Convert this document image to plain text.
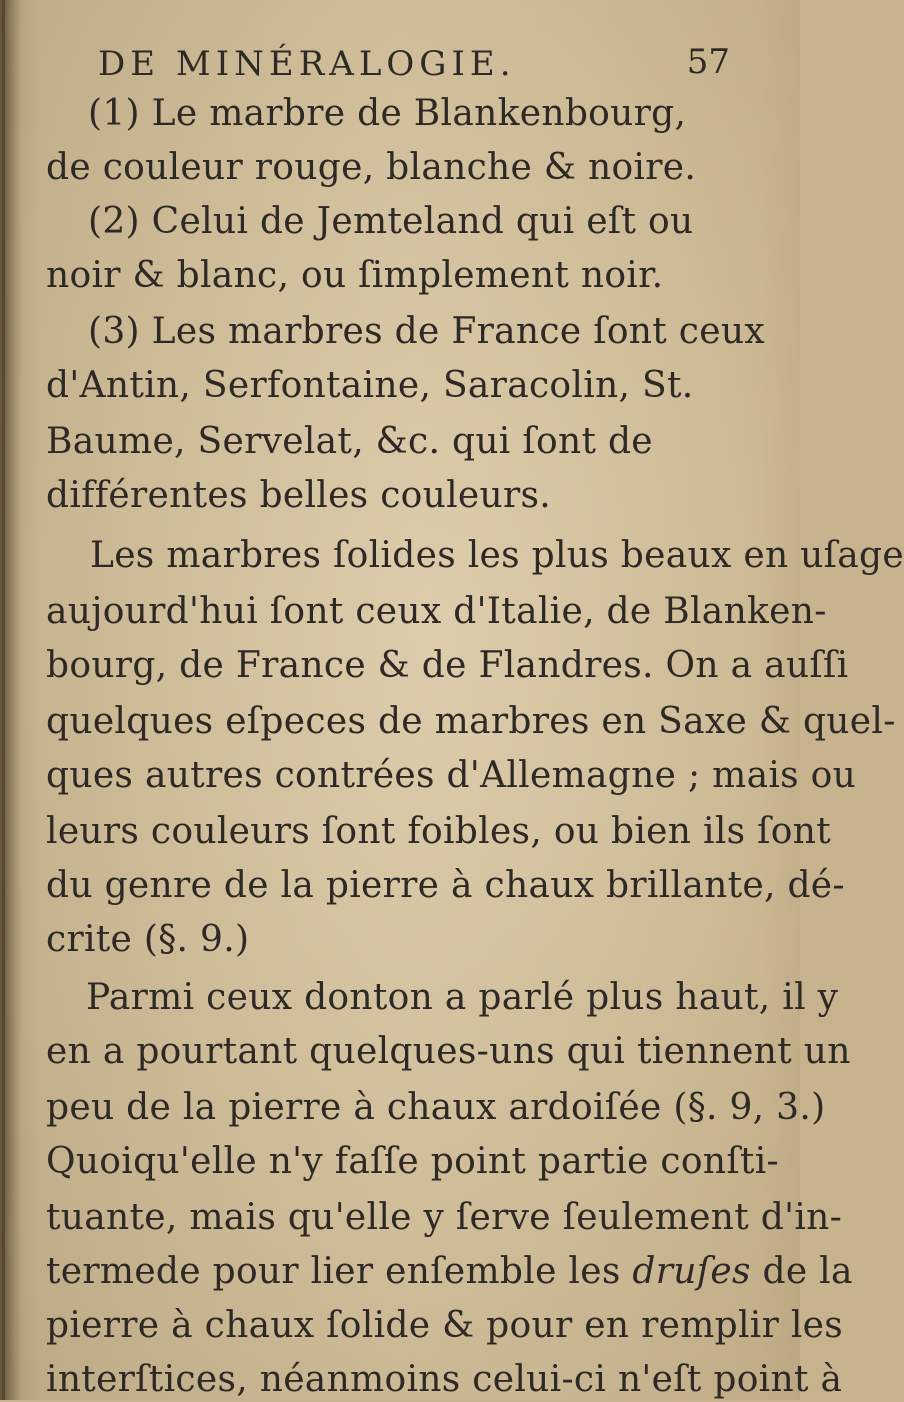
DE MINÉRALOGIE.	57
(1) Le marbre de Blankenbourg,
de couleur rouge, blanche & noire.
(2) Celui de Jemteland qui eſt ou
noir & blanc, ou ſimplement noir.
(3) Les marbres de France ſont ceux
d'Antin, Serfontaine, Saracolin, St.
Baume, Servelat, &c. qui ſont de
différentes belles couleurs.
Les marbres ſolides les plus beaux en uſage
aujourd'hui ſont ceux d'Italie, de Blanken-
bourg, de France & de Flandres. On a auſſi
quelques eſpeces de marbres en Saxe & quel-
ques autres contrées d'Allemagne ; mais ou
leurs couleurs ſont foibles, ou bien ils ſont
du genre de la pierre à chaux brillante, dé-
crite (§. 9.)
Parmi ceux donton a parlé plus haut, il y
en a pourtant quelques-uns qui tiennent un
peu de la pierre à chaux ardoiſée (§. 9, 3.)
Quoiqu'elle n'y faſſe point partie conſti-
tuante, mais qu'elle y ſerve ſeulement d'in-
termede pour lier enſemble les druſes de la
pierre à chaux ſolide & pour en remplir les
interſtices, néanmoins celui-ci n'eſt point à
